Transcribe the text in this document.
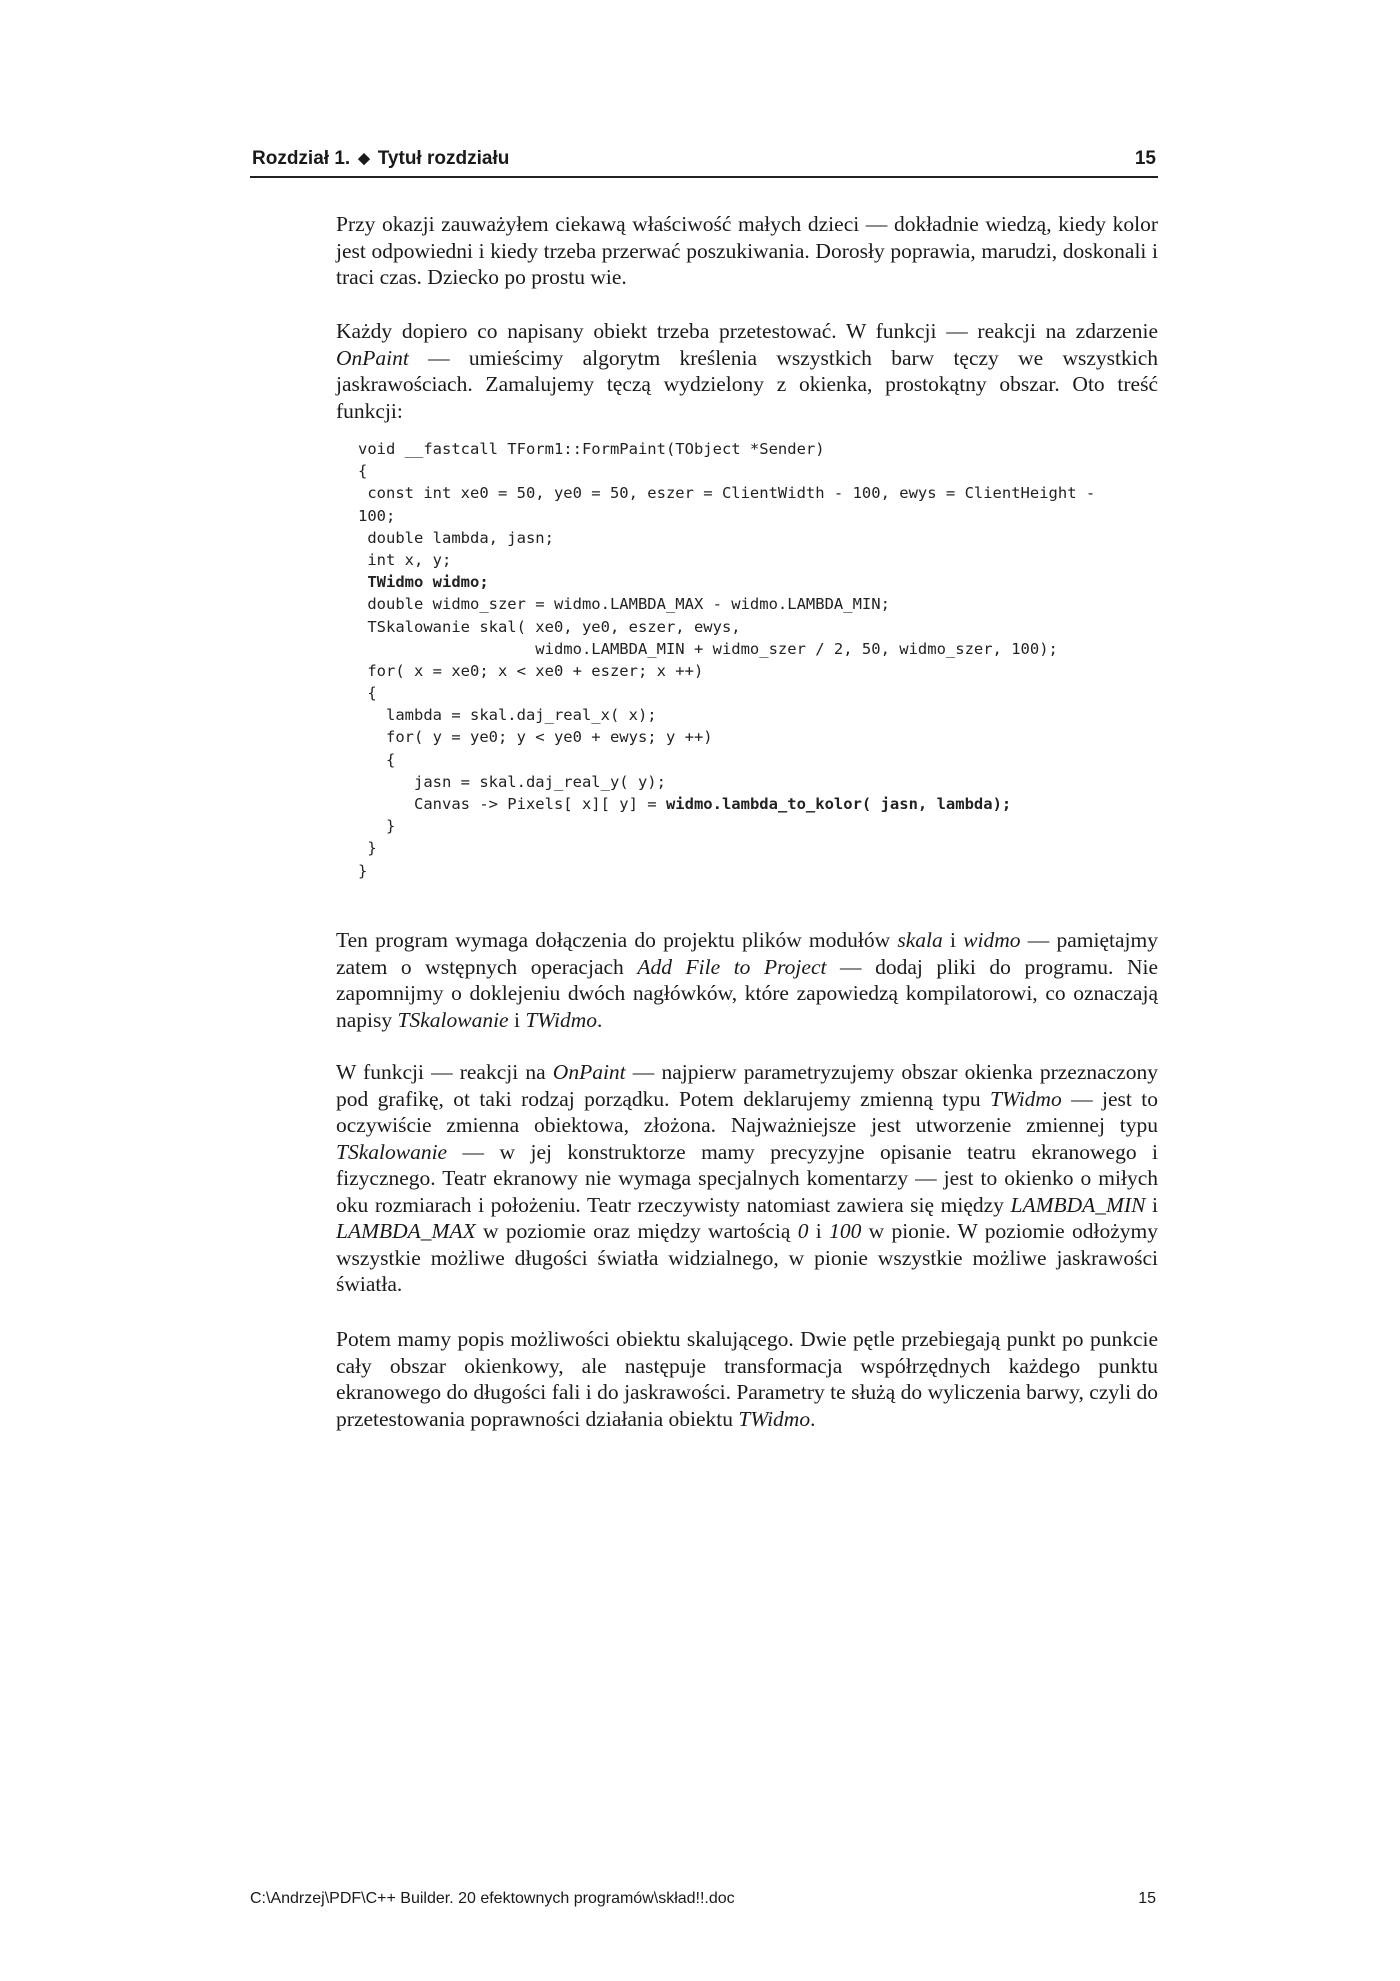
Rozdział 1. ◆ Tytuł rozdziału	15

Przy okazji zauważyłem ciekawą właściwość małych dzieci — dokładnie wiedzą, kiedy kolor jest odpowiedni i kiedy trzeba przerwać poszukiwania. Dorosły poprawia, marudzi, doskonali i traci czas. Dziecko po prostu wie.

Każdy dopiero co napisany obiekt trzeba przetestować. W funkcji — reakcji na zdarzenie OnPaint — umieścimy algorytm kreślenia wszystkich barw tęczy we wszystkich jaskrawościach. Zamalujemy tęczą wydzielony z okienka, prostokątny obszar. Oto treść funkcji:

void __fastcall TForm1::FormPaint(TObject *Sender)
{
const int xe0 = 50, ye0 = 50, eszer = ClientWidth - 100, ewys = ClientHeight -
100;
double lambda, jasn;
int x, y;
TWidmo widmo;
double widmo_szer = widmo.LAMBDA_MAX - widmo.LAMBDA_MIN;
TSkalowanie skal( xe0, ye0, eszer, ewys,
widmo.LAMBDA_MIN + widmo_szer / 2, 50, widmo_szer, 100);
for( x = xe0; x < xe0 + eszer; x ++)
{
lambda = skal.daj_real_x( x);
for( y = ye0; y < ye0 + ewys; y ++)
{
jasn = skal.daj_real_y( y);
Canvas -> Pixels[ x][ y] = widmo.lambda_to_kolor( jasn, lambda);
}
}
}

Ten program wymaga dołączenia do projektu plików modułów skala i widmo — pamiętajmy zatem o wstępnych operacjach Add File to Project — dodaj pliki do programu. Nie zapomnijmy o doklejeniu dwóch nagłówków, które zapowiedzą kompilatorowi, co oznaczają napisy TSkalowanie i TWidmo.

W funkcji — reakcji na OnPaint — najpierw parametryzujemy obszar okienka przeznaczony pod grafikę, ot taki rodzaj porządku. Potem deklarujemy zmienną typu TWidmo — jest to oczywiście zmienna obiektowa, złożona. Najważniejsze jest utworzenie zmiennej typu TSkalowanie — w jej konstruktorze mamy precyzyjne opisanie teatru ekranowego i fizycznego. Teatr ekranowy nie wymaga specjalnych komentarzy — jest to okienko o miłych oku rozmiarach i położeniu. Teatr rzeczywisty natomiast zawiera się między LAMBDA_MIN i LAMBDA_MAX w poziomie oraz między wartością 0 i 100 w pionie. W poziomie odłożymy wszystkie możliwe długości światła widzialnego, w pionie wszystkie możliwe jaskrawości światła.

Potem mamy popis możliwości obiektu skalującego. Dwie pętle przebiegają punkt po punkcie cały obszar okienkowy, ale następuje transformacja współrzędnych każdego punktu ekranowego do długości fali i do jaskrawości. Parametry te służą do wyliczenia barwy, czyli do przetestowania poprawności działania obiektu TWidmo.

C:\Andrzej\PDF\C++ Builder. 20 efektownych programów\skład!!.doc	15
